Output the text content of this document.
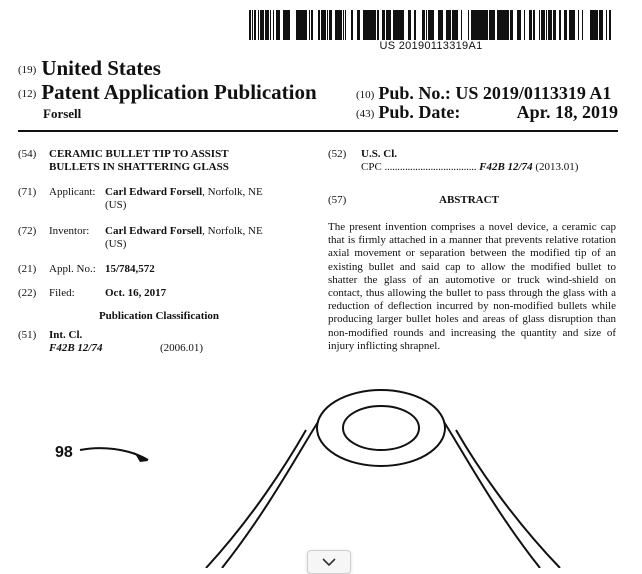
US 20190113319A1
(19) United States
(12) Patent Application Publication
Forsell
(10) Pub. No.: US 2019/0113319 A1
(43) Pub. Date:	Apr. 18, 2019
(54) CERAMIC BULLET TIP TO ASSIST
BULLETS IN SHATTERING GLASS
(71) Applicant: Carl Edward Forsell, Norfolk, NE
(US)
(72) Inventor: Carl Edward Forsell, Norfolk, NE
(US)
(21) Appl. No.: 15/784,572
(22) Filed:	Oct. 16, 2017
Publication Classification
(51) Int. Cl.
F42B 12/74	(2006.01)
(52) U.S. Cl.
CPC .................................... F42B 12/74 (2013.01)
(57)	ABSTRACT
The present invention comprises a novel device, a ceramic cap that is firmly attached in a manner that prevents relative rotation axial movement or separation between the modified tip of an existing bullet and said cap to allow the modified bullet to shatter the glass of an automotive or truck wind-shield on contact, thus allowing the bullet to pass through the glass with a reduction of deflection incurred by non-modified bullets while producing larger bullet holes and areas of glass disruption than non-modified rounds and increasing the quantity and size of injury inflicting shrapnel.
98
